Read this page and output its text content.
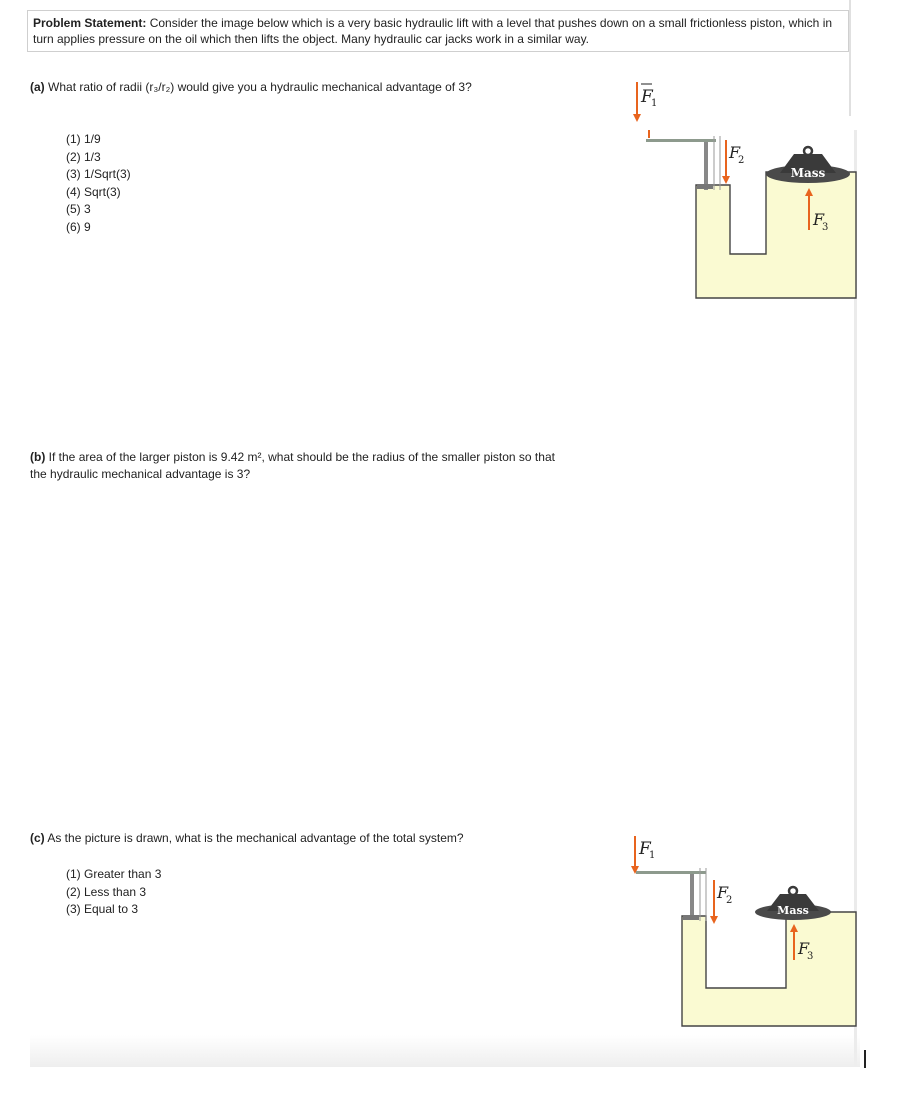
Problem Statement: Consider the image below which is a very basic hydraulic lift with a level that pushes down on a small frictionless piston, which in turn applies pressure on the oil which then lifts the object. Many hydraulic car jacks work in a similar way.
(a) What ratio of radii (r₃/r₂) would give you a hydraulic mechanical advantage of 3?
(1) 1/9
(2) 1/3
(3) 1/Sqrt(3)
(4) Sqrt(3)
(5) 3
(6) 9
F
1
F
2
Mass
F
3
(b) If the area of the larger piston is 9.42 m², what should be the radius of the smaller piston so that
the hydraulic mechanical advantage is 3?
(c) As the picture is drawn, what is the mechanical advantage of the total system?
(1) Greater than 3
(2) Less than 3
(3) Equal to 3
F
1
F
2
Mass
F
3
